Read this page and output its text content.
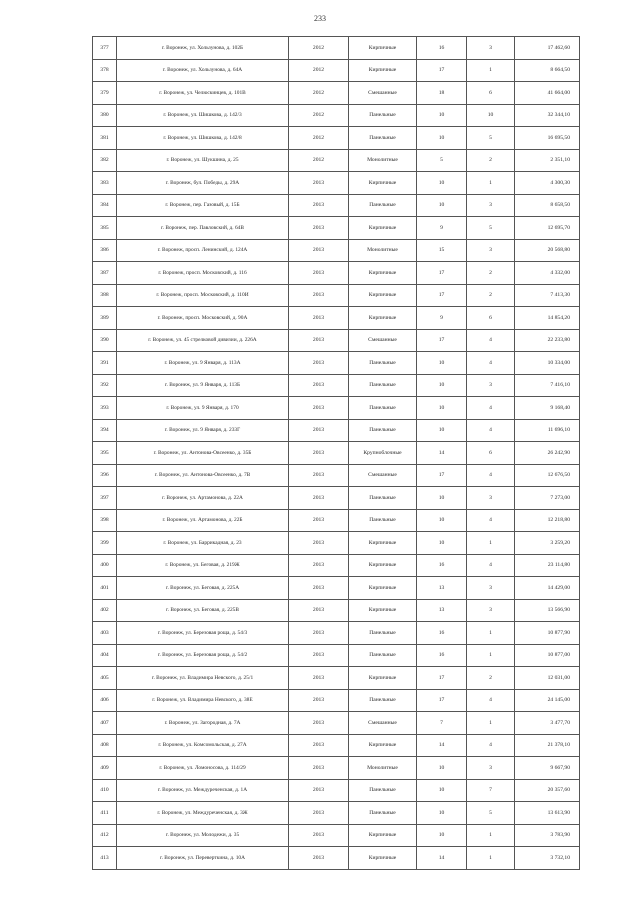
233
377	г. Воронеж, ул. Хользунова, д. 102Б	2012	Кирпичные	16	3	17 462,60
378	г. Воронеж, ул. Хользунова, д. 64А	2012	Кирпичные	17	1	8 664,50
379	г. Воронеж, ул. Челюскинцев, д. 101В	2012	Смешанные	18	6	41 664,00
380	г. Воронеж, ул. Шишкова, д. 142/3	2012	Панельные	10	10	32 344,10
381	г. Воронеж, ул. Шишкова, д. 142/8	2012	Панельные	10	5	16 695,50
382	г. Воронеж, ул. Шукшина, д. 25	2012	Монолитные	5	2	2 351,10
383	г. Воронеж, бул. Победы, д. 29А	2013	Кирпичные	10	1	4 300,30
384	г. Воронеж, пер. Газовый, д. 15Б	2013	Панельные	10	3	8 658,50
385	г. Воронеж, пер. Павловский, д. 64В	2013	Кирпичные	9	5	12 695,70
386	г. Воронеж, просп. Ленинский, д. 124А	2013	Монолитные	15	3	20 568,80
387	г. Воронеж, просп. Московский, д. 116	2013	Кирпичные	17	2	4 332,00
388	г. Воронеж, просп. Московский, д. 110И	2013	Кирпичные	17	2	7 413,30
389	г. Воронеж, просп. Московский, д. 90А	2013	Кирпичные	9	6	14 854,20
390	г. Воронеж, ул. 45 стрелковой дивизии, д. 226А	2013	Смешанные	17	4	22 233,80
391	г. Воронеж, ул. 9 Января, д. 113А	2013	Панельные	10	4	10 334,00
392	г. Воронеж, ул. 9 Января, д. 113Б	2013	Панельные	10	3	7 416,10
393	г. Воронеж, ул. 9 Января, д. 170	2013	Панельные	10	4	9 168,40
394	г. Воронеж, ул. 9 Января, д. 233Г	2013	Панельные	10	4	11 696,10
395	г. Воронеж, ул. Антонова-Овсеенко, д. 35Б	2013	Крупноблочные	14	6	26 242,90
396	г. Воронеж, ул. Антонова-Овсеенко, д. 7В	2013	Смешанные	17	4	12 676,50
397	г. Воронеж, ул. Артамонова, д. 22А	2013	Панельные	10	3	7 273,00
398	г. Воронеж, ул. Артамонова, д. 22Б	2013	Панельные	10	4	12 218,80
399	г. Воронеж, ул. Баррикадная, д. 23	2013	Кирпичные	10	1	3 259,20
400	г. Воронеж, ул. Беговая, д. 219Ж	2013	Кирпичные	16	4	23 114,80
401	г. Воронеж, ул. Беговая, д. 225А	2013	Кирпичные	13	3	14 429,00
402	г. Воронеж, ул. Беговая, д. 225В	2013	Кирпичные	13	3	13 566,90
403	г. Воронеж, ул. Березовая роща, д. 54/3	2013	Панельные	16	1	10 877,90
404	г. Воронеж, ул. Березовая роща, д. 54/2	2013	Панельные	16	1	10 877,00
405	г. Воронеж, ул. Владимира Невского, д. 25/1	2013	Кирпичные	17	2	12 031,00
406	г. Воронеж, ул. Владимира Невского, д. 38Е	2013	Панельные	17	4	24 145,00
407	г. Воронеж, ул. Загородная, д. 7А	2013	Смешанные	7	1	3 477,70
408	г. Воронеж, ул. Комсомольская, д. 27А	2013	Кирпичные	14	4	21 378,10
409	г. Воронеж, ул. Ломоносова, д. 114/29	2013	Монолитные	10	3	9 667,90
410	г. Воронеж, ул. Междуреченская, д. 1А	2013	Панельные	10	7	20 357,60
411	г. Воронеж, ул. Междуреченская, д. 3Ж	2013	Панельные	10	5	13 613,90
412	г. Воронеж, ул. Молодежи, д. 35	2013	Кирпичные	10	1	3 783,90
413	г. Воронеж, ул. Переверткина, д. 10А	2013	Кирпичные	14	1	3 732,10
